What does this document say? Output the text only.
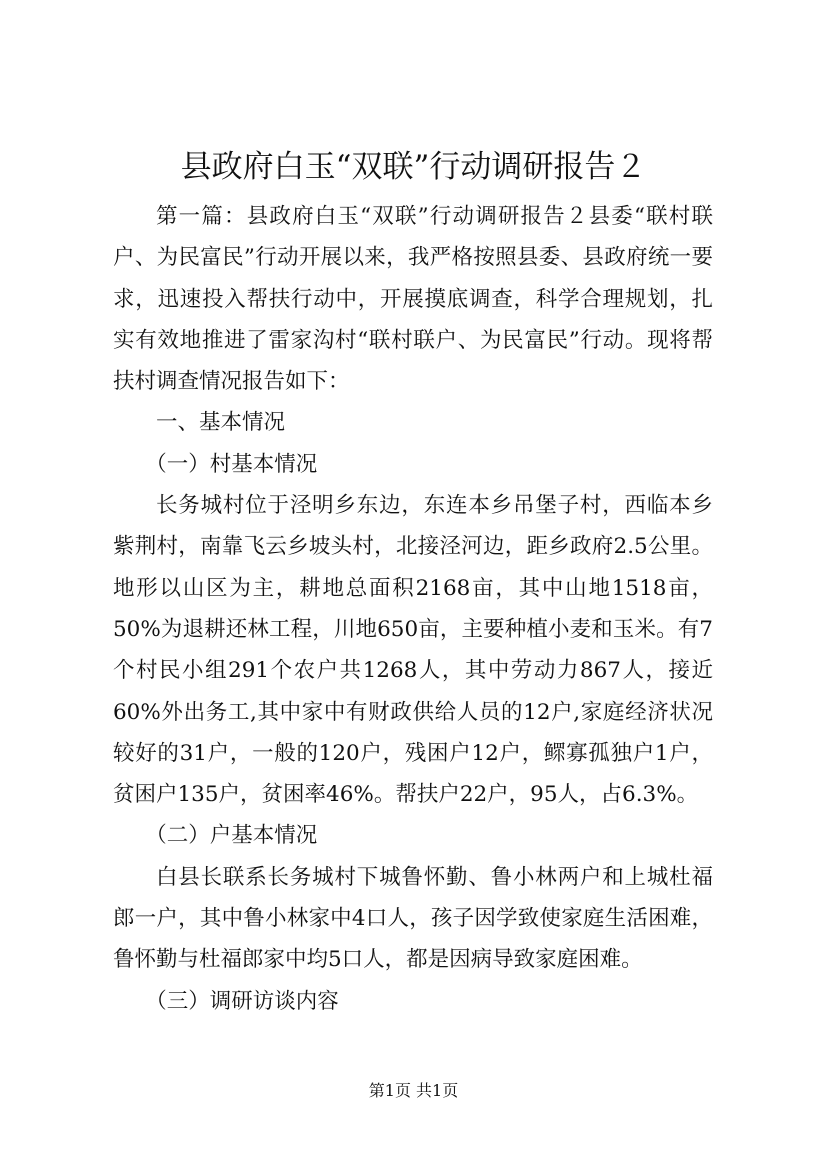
县政府白玉“双联”行动调研报告２

第一篇：县政府白玉“双联”行动调研报告２县委“联村联户、为民富民”行动开展以来，我严格按照县委、县政府统一要求，迅速投入帮扶行动中，开展摸底调查，科学合理规划，扎实有效地推进了雷家沟村“联村联户、为民富民”行动。现将帮扶村调查情况报告如下：

一、基本情况

（一）村基本情况

长务城村位于泾明乡东边，东连本乡吊堡子村，西临本乡紫荆村，南靠飞云乡坡头村，北接泾河边，距乡政府2.5公里。地形以山区为主，耕地总面积2168亩，其中山地1518亩，50%为退耕还林工程，川地650亩，主要种植小麦和玉米。有7个村民小组291个农户共1268人，其中劳动力867人，接近60%外出务工,其中家中有财政供给人员的12户,家庭经济状况较好的31户，一般的120户，残困户12户，鳏寡孤独户1户，贫困户135户，贫困率46%。帮扶户22户，95人，占6.3%。

（二）户基本情况

白县长联系长务城村下城鲁怀勤、鲁小林两户和上城杜福郎一户，其中鲁小林家中4口人，孩子因学致使家庭生活困难，鲁怀勤与杜福郎家中均5口人，都是因病导致家庭困难。

（三）调研访谈内容

第1页 共1页
